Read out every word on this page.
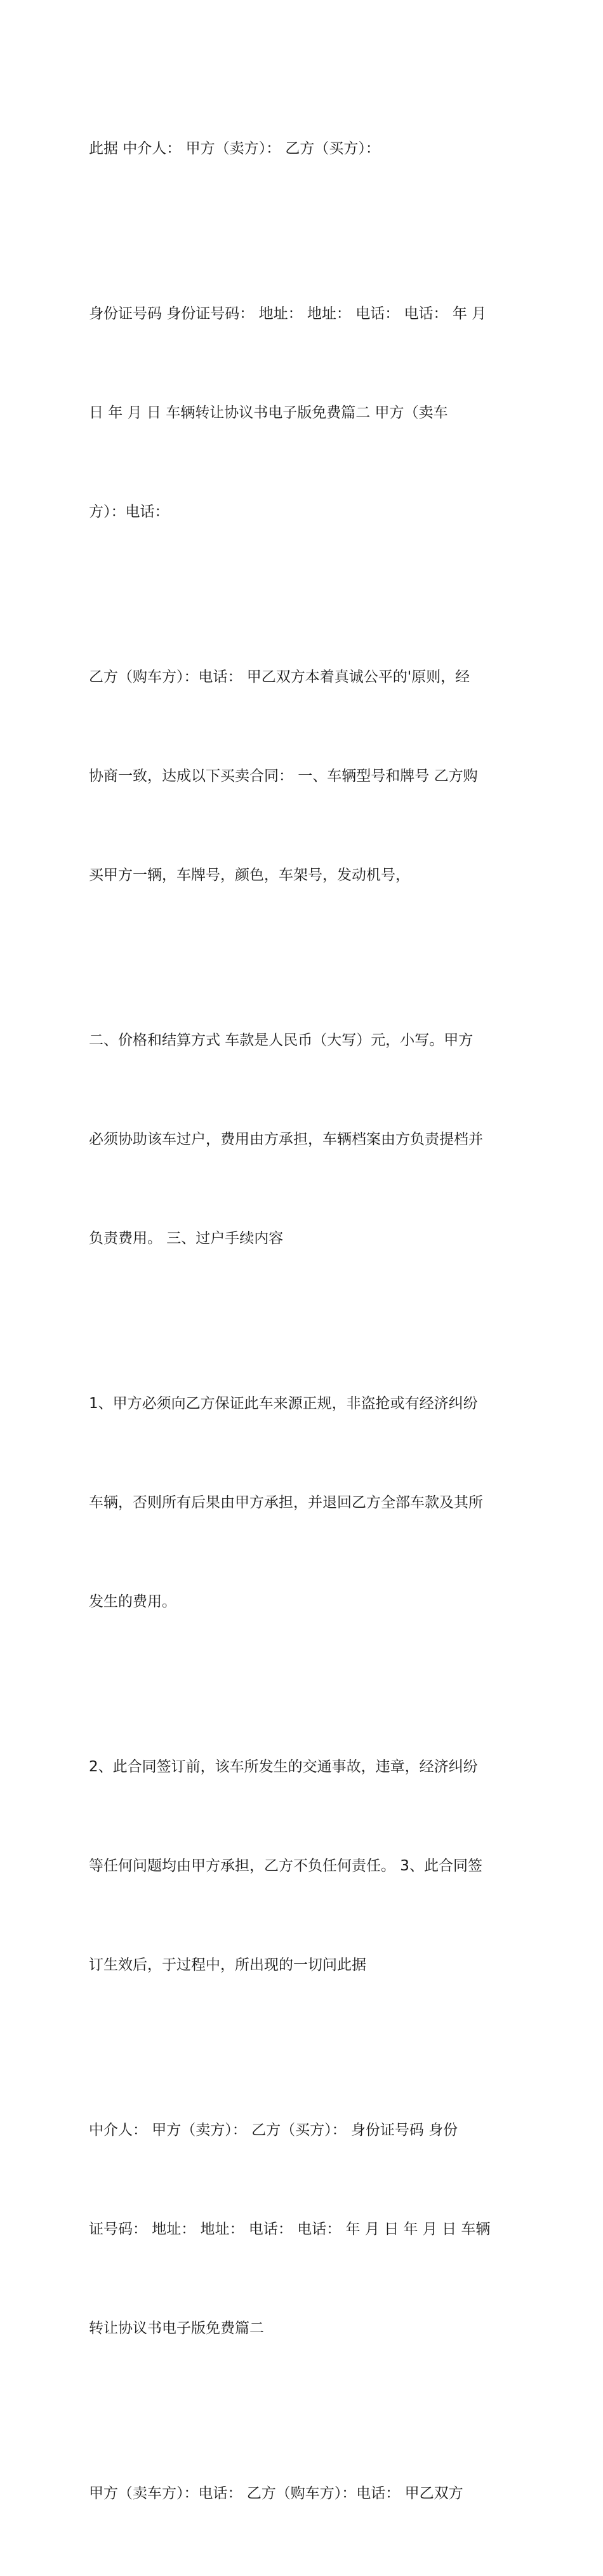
此据 中介人： 甲方（卖方）： 乙方（买方）：

身份证号码 身份证号码： 地址： 地址： 电话： 电话： 年 月

日 年 月 日 车辆转让协议书电子版免费篇二 甲方（卖车

方）：电话：

乙方（购车方）：电话： 甲乙双方本着真诚公平的'原则，经

协商一致，达成以下买卖合同： 一、车辆型号和牌号 乙方购

买甲方一辆，车牌号，颜色，车架号，发动机号，

二、价格和结算方式 车款是人民币（大写）元，小写。甲方

必须协助该车过户，费用由方承担，车辆档案由方负责提档并

负责费用。 三、过户手续内容

1、甲方必须向乙方保证此车来源正规，非盗抢或有经济纠纷

车辆，否则所有后果由甲方承担，并退回乙方全部车款及其所

发生的费用。

2、此合同签订前，该车所发生的交通事故，违章，经济纠纷

等任何问题均由甲方承担，乙方不负任何责任。 3、此合同签

订生效后，于过程中，所出现的一切问此据

中介人： 甲方（卖方）： 乙方（买方）： 身份证号码 身份

证号码： 地址： 地址： 电话： 电话： 年 月 日 年 月 日 车辆

转让协议书电子版免费篇二

甲方（卖车方）：电话： 乙方（购车方）：电话： 甲乙双方
